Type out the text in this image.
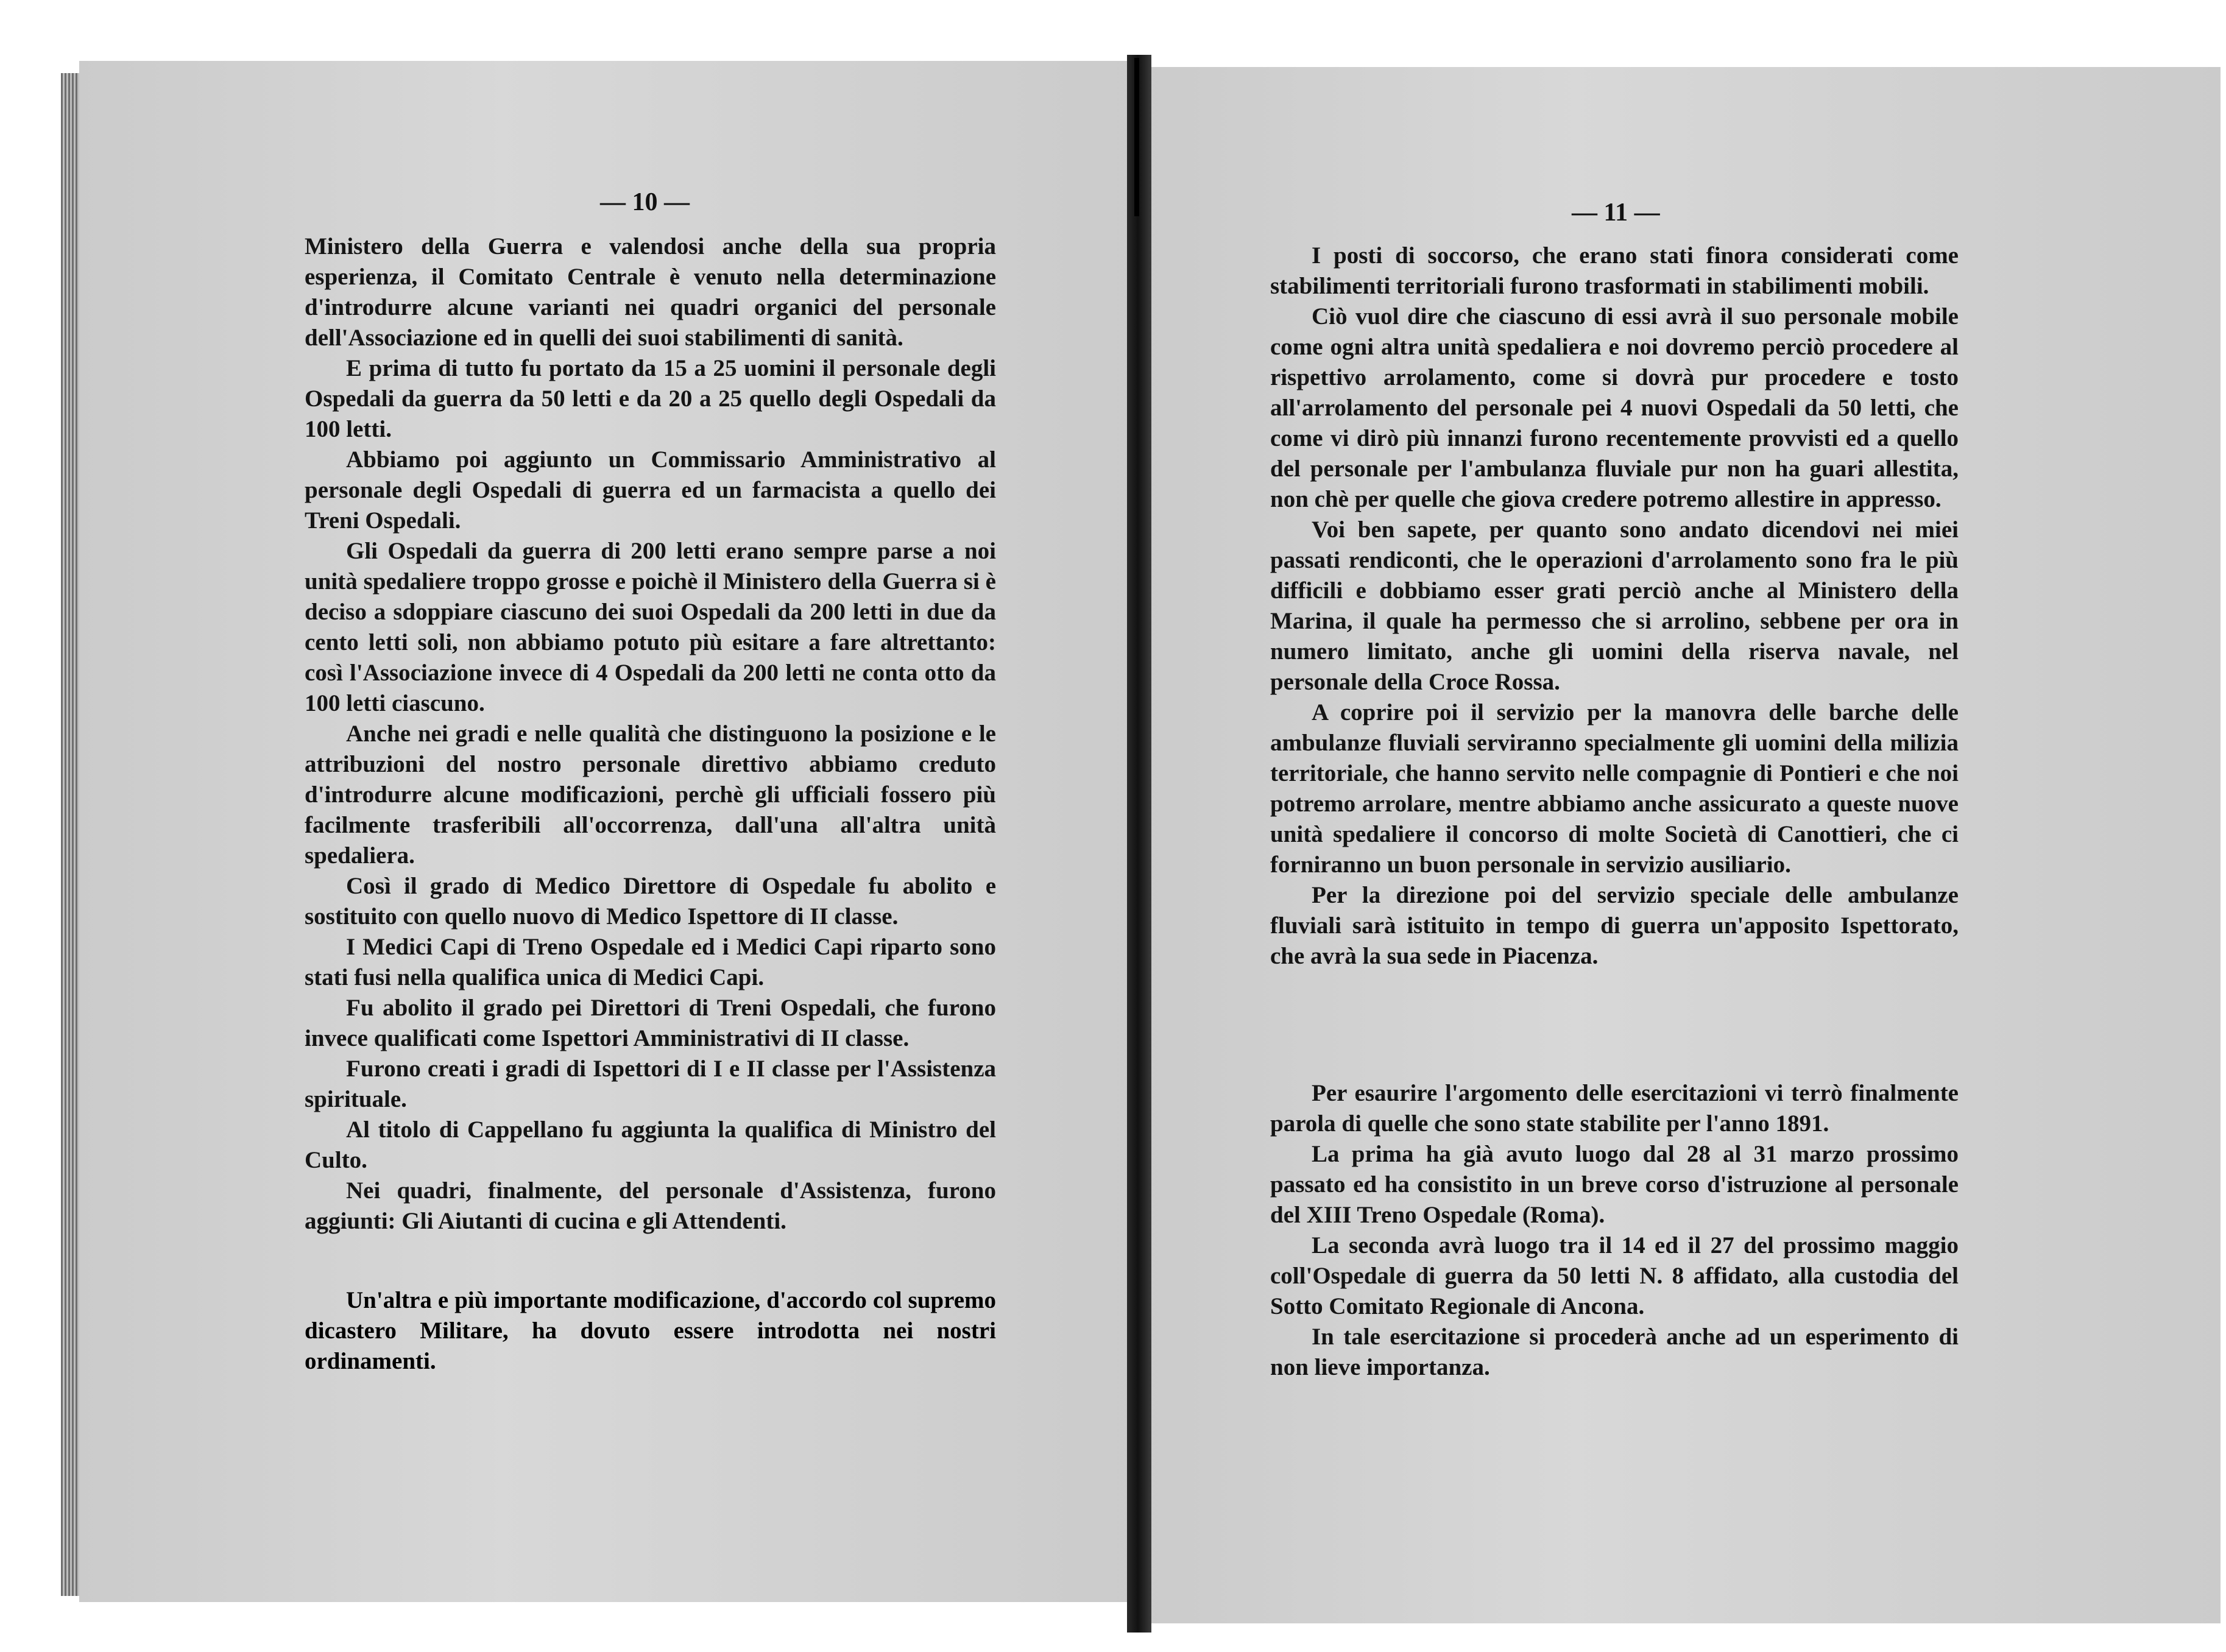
— 10 —	— 11 —

Ministero della Guerra e valendosi anche della sua propria esperienza, il Comitato Centrale è venuto nella determinazione d'introdurre alcune varianti nei quadri organici del personale dell'Associazione ed in quelli dei suoi stabilimenti di sanità.

E prima di tutto fu portato da 15 a 25 uomini il personale degli Ospedali da guerra da 50 letti e da 20 a 25 quello degli Ospedali da 100 letti.

Abbiamo poi aggiunto un Commissario Amministrativo al personale degli Ospedali di guerra ed un farmacista a quello dei Treni Ospedali.

Gli Ospedali da guerra di 200 letti erano sempre parse a noi unità spedaliere troppo grosse e poichè il Ministero della Guerra si è deciso a sdoppiare ciascuno dei suoi Ospedali da 200 letti in due da cento letti soli, non abbiamo potuto più esitare a fare altrettanto: così l'Associazione invece di 4 Ospedali da 200 letti ne conta otto da 100 letti ciascuno.

Anche nei gradi e nelle qualità che distinguono la posizione e le attribuzioni del nostro personale direttivo abbiamo creduto d'introdurre alcune modificazioni, perchè gli ufficiali fossero più facilmente trasferibili all'occorrenza, dall'una all'altra unità spedaliera.

Così il grado di Medico Direttore di Ospedale fu abolito e sostituito con quello nuovo di Medico Ispettore di II classe.

I Medici Capi di Treno Ospedale ed i Medici Capi riparto sono stati fusi nella qualifica unica di Medici Capi.

Fu abolito il grado pei Direttori di Treni Ospedali, che furono invece qualificati come Ispettori Amministrativi di II classe.

Furono creati i gradi di Ispettori di I e II classe per l'Assistenza spirituale.

Al titolo di Cappellano fu aggiunta la qualifica di Ministro del Culto.

Nei quadri, finalmente, del personale d'Assistenza, furono aggiunti: Gli Aiutanti di cucina e gli Attendenti.

Un'altra e più importante modificazione, d'accordo col supremo dicastero Militare, ha dovuto essere introdotta nei nostri ordinamenti.

I posti di soccorso, che erano stati finora considerati come stabilimenti territoriali furono trasformati in stabilimenti mobili.

Ciò vuol dire che ciascuno di essi avrà il suo personale mobile come ogni altra unità spedaliera e noi dovremo perciò procedere al rispettivo arrolamento, come si dovrà pur procedere e tosto all'arrolamento del personale pei 4 nuovi Ospedali da 50 letti, che come vi dirò più innanzi furono recentemente provvisti ed a quello del personale per l'ambulanza fluviale pur non ha guari allestita, non chè per quelle che giova credere potremo allestire in appresso.

Voi ben sapete, per quanto sono andato dicendovi nei miei passati rendiconti, che le operazioni d'arrolamento sono fra le più difficili e dobbiamo esser grati perciò anche al Ministero della Marina, il quale ha permesso che si arrolino, sebbene per ora in numero limitato, anche gli uomini della riserva navale, nel personale della Croce Rossa.

A coprire poi il servizio per la manovra delle barche delle ambulanze fluviali serviranno specialmente gli uomini della milizia territoriale, che hanno servito nelle compagnie di Pontieri e che noi potremo arrolare, mentre abbiamo anche assicurato a queste nuove unità spedaliere il concorso di molte Società di Canottieri, che ci forniranno un buon personale in servizio ausiliario.

Per la direzione poi del servizio speciale delle ambulanze fluviali sarà istituito in tempo di guerra un'apposito Ispettorato, che avrà la sua sede in Piacenza.

Per esaurire l'argomento delle esercitazioni vi terrò finalmente parola di quelle che sono state stabilite per l'anno 1891.

La prima ha già avuto luogo dal 28 al 31 marzo prossimo passato ed ha consistito in un breve corso d'istruzione al personale del XIII Treno Ospedale (Roma).

La seconda avrà luogo tra il 14 ed il 27 del prossimo maggio coll'Ospedale di guerra da 50 letti N. 8 affidato, alla custodia del Sotto Comitato Regionale di Ancona.

In tale esercitazione si procederà anche ad un esperimento di non lieve importanza.
